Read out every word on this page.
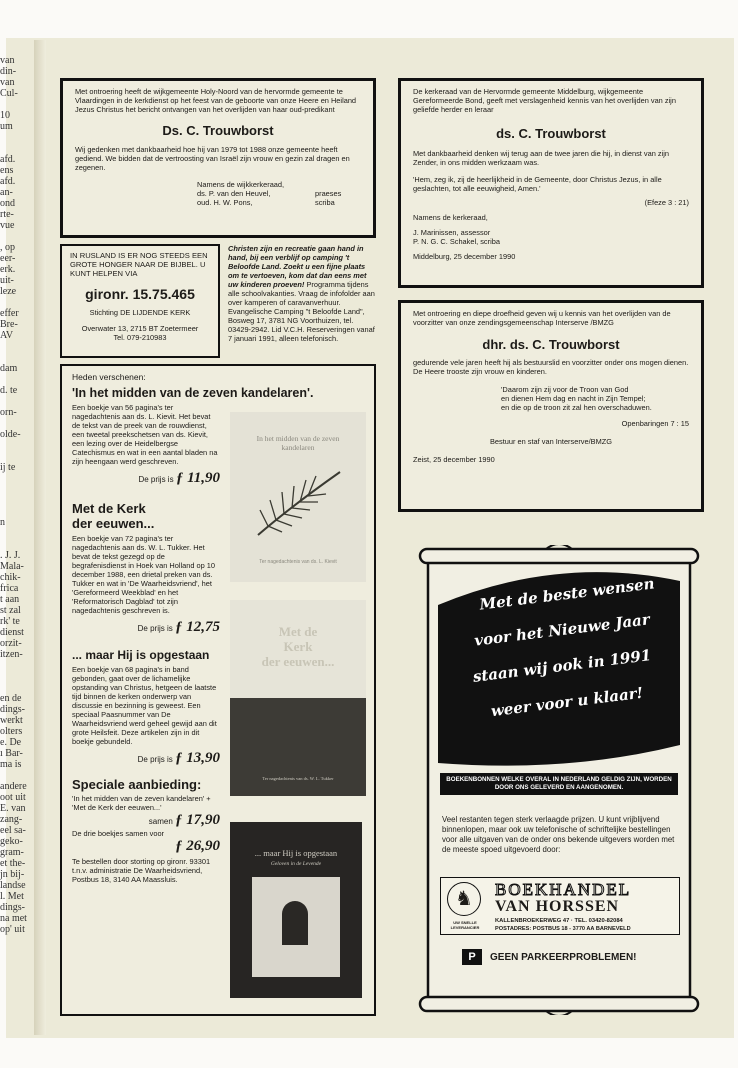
van
din-
van
Cul-
10
um
afd.
ens
afd.
an-
ond
rte-
vue
, op
eer-
erk.
uit-
leze
effer
Bre-
AV
dam
d. te
orn-
olde-
ij te
n
. J. J.
Mala-
chik-
frica
t aan
st zal
rk' te
dienst
orzit-
itzen-
en de
dings-
werkt
olters
e. De
ı Bar-
ma is
andere
oot uit
E. van
zang-
eel sa-
geko-
gram-
et the-
jn bij-
landse
l. Met
dings-
na met
op' uit
Met ontroering heeft de wijkgemeente Holy-Noord van de hervormde gemeente te Vlaardingen in de kerkdienst op het feest van de geboorte van onze Heere en Heiland Jezus Christus het bericht ontvangen van het overlijden van haar oud-predikant
Ds. C. Trouwborst
Wij gedenken met dankbaarheid hoe hij van 1979 tot 1988 onze gemeente heeft gediend. We bidden dat de vertroosting van Israël zijn vrouw en gezin zal dragen en zegenen.
Namens de wijkkerkeraad,
ds. P. van den Heuvel,	praeses
oud. H. W. Pons,	scriba
IN RUSLAND IS ER NOG STEEDS EEN GROTE HONGER NAAR DE BIJBEL. U KUNT HELPEN VIA
gironr. 15.75.465
Stichting DE LIJDENDE KERK
Overwater 13, 2715 BT Zoetermeer
Tel. 079-210983
Christen zijn en recreatie gaan hand in hand, bij een verblijf op camping 't Beloofde Land. Zoekt u een fijne plaats om te vertoeven, kom dat dan eens met uw kinderen proeven! Programma tijdens alle schoolvakanties. Vraag de infofolder aan over kamperen of caravanverhuur. Evangelische Camping "t Beloofde Land", Bosweg 17, 3781 NG Voorthuizen, tel. 03429-2942. Lid V.C.H. Reserveringen vanaf 7 januari 1991, alleen telefonisch.
Heden verschenen:
'In het midden van de zeven kandelaren'.
Een boekje van 56 pagina's ter nagedachtenis aan ds. L. Kievit. Het bevat de tekst van de preek van de rouwdienst, een tweetal preekschetsen van ds. Kievit, een lezing over de Heidelbergse Catechismus en wat in een aantal bladen na zijn heengaan werd geschreven.
De prijs is ƒ 11,90
Met de Kerk
der eeuwen...
Een boekje van 72 pagina's ter nagedachtenis aan ds. W. L. Tukker. Het bevat de tekst gezegd op de begrafenisdienst in Hoek van Holland op 10 december 1988, een drietal preken van ds. Tukker en wat in 'De Waarheidsvriend', het 'Gereformeerd Weekblad' en het 'Reformatorisch Dagblad' tot zijn nagedachtenis geschreven is.
De prijs is ƒ 12,75
... maar Hij is opgestaan
Een boekje van 68 pagina's in band gebonden, gaat over de lichamelijke opstanding van Christus, hetgeen de laatste tijd binnen de kerken onderwerp van discussie en bezinning is geweest. Een speciaal Paasnummer van De Waarheidsvriend werd geheel gewijd aan dit grote Heilsfeit. Deze artikelen zijn in dit boekje gebundeld.
De prijs is ƒ 13,90
Speciale aanbieding:
'In het midden van de zeven kandelaren' + 'Met de Kerk der eeuwen...'
samen ƒ 17,90
De drie boekjes samen voor
ƒ 26,90
Te bestellen door storting op gironr. 93301 t.n.v. administratie De Waarheidsvriend, Postbus 18, 3140 AA Maassluis.
In het midden van de zeven kandelaren
Ter nagedachtenis van ds. L. Kievit
Met de
Kerk
der eeuwen...
Ter nagedachtenis van ds. W. L. Tukker
... maar Hij is opgestaan
Geloven in de Levende
De kerkeraad van de Hervormde gemeente Middelburg, wijkgemeente Gereformeerde Bond, geeft met verslagenheid kennis van het overlijden van zijn geliefde herder en leraar
ds. C. Trouwborst
Met dankbaarheid denken wij terug aan de twee jaren die hij, in dienst van zijn Zender, in ons midden werkzaam was.
'Hem, zeg ik, zij de heerlijkheid in de Gemeente, door Christus Jezus, in alle geslachten, tot alle eeuwigheid, Amen.'
(Efeze 3 : 21)
Namens de kerkeraad,
J. Marinissen, assessor
P. N. G. C. Schakel, scriba
Middelburg, 25 december 1990
Met ontroering en diepe droefheid geven wij u kennis van het overlijden van de voorzitter van onze zendingsgemeenschap Interserve /BMZG
dhr. ds. C. Trouwborst
gedurende vele jaren heeft hij als bestuurslid en voorzitter onder ons mogen dienen.
De Heere trooste zijn vrouw en kinderen.
'Daarom zijn zij voor de Troon van God
en dienen Hem dag en nacht in Zijn Tempel;
en die op de troon zit zal hen overschaduwen.
Openbaringen 7 : 15
Bestuur en staf van Interserve/BMZG
Zeist, 25 december 1990
Met de beste wensen
voor het Nieuwe Jaar
staan wij ook in 1991
weer voor u klaar!
BOEKENBONNEN WELKE OVERAL IN NEDERLAND GELDIG ZIJN, WORDEN DOOR ONS GELEVERD EN AANGENOMEN.
Veel restanten tegen sterk verlaagde prijzen. U kunt vrijblijvend binnenlopen, maar ook uw telefonische of schriftelijke bestellingen voor alle uitgaven van de onder ons bekende uitgevers worden met de meeste spoed uitgevoerd door:
♞
UW SNELLE LEVERANCIER
BOEKHANDEL
VAN HORSSEN
KALLENBROEKERWEG 47 · TEL. 03420-82084
POSTADRES: POSTBUS 18 - 3770 AA BARNEVELD
P	GEEN PARKEERPROBLEMEN!
